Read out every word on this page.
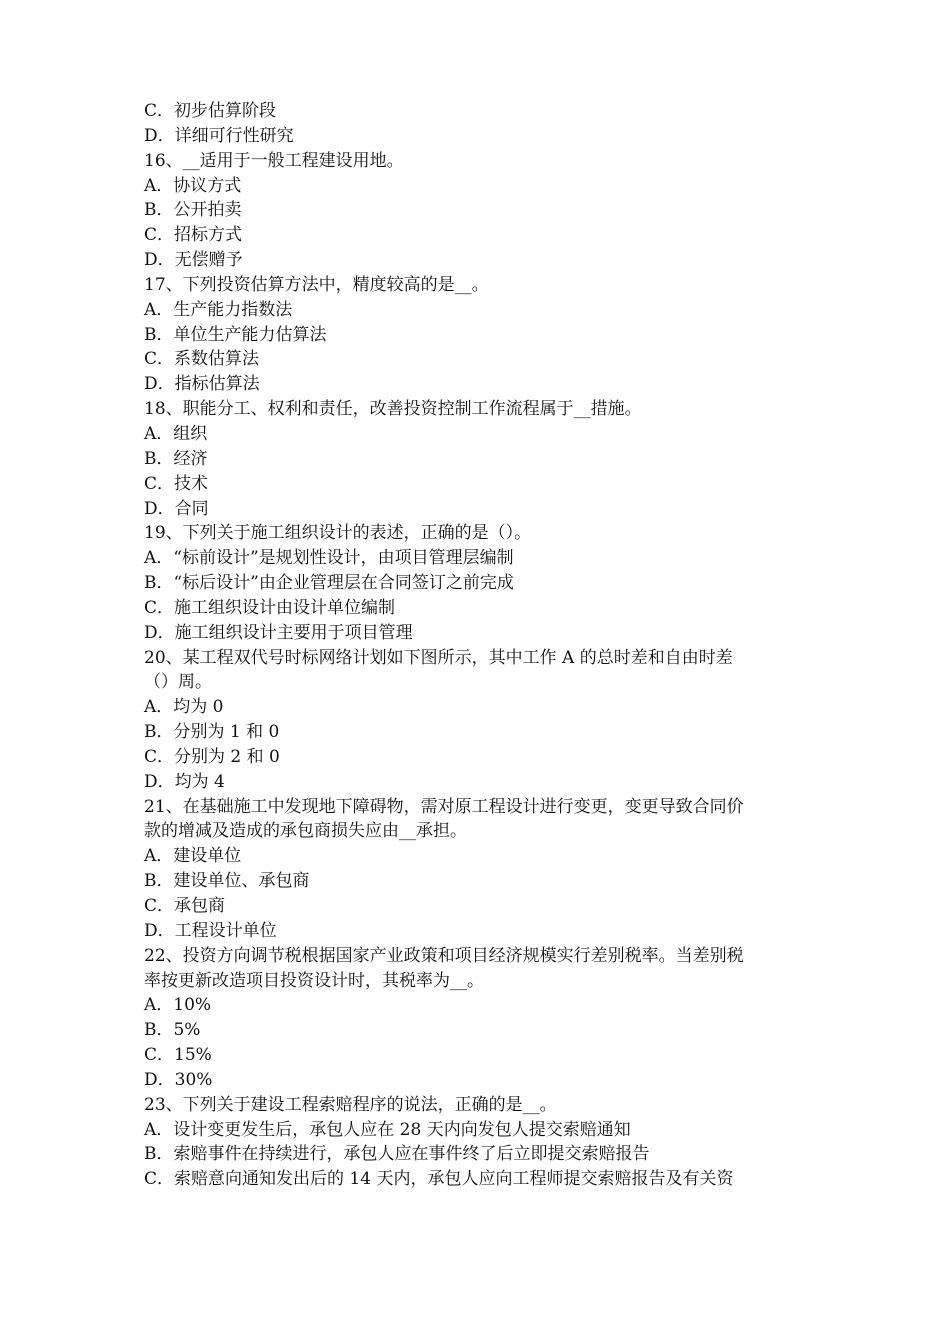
C．初步估算阶段
D．详细可行性研究
16、__适用于一般工程建设用地。
A．协议方式
B．公开拍卖
C．招标方式
D．无偿赠予
17、下列投资估算方法中，精度较高的是__。
A．生产能力指数法
B．单位生产能力估算法
C．系数估算法
D．指标估算法
18、职能分工、权利和责任，改善投资控制工作流程属于__措施。
A．组织
B．经济
C．技术
D．合同
19、下列关于施工组织设计的表述，正确的是（）。
A．“标前设计”是规划性设计，由项目管理层编制
B．“标后设计”由企业管理层在合同签订之前完成
C．施工组织设计由设计单位编制
D．施工组织设计主要用于项目管理
20、某工程双代号时标网络计划如下图所示，其中工作 A 的总时差和自由时差
（）周。
A．均为 0
B．分别为 1 和 0
C．分别为 2 和 0
D．均为 4
21、在基础施工中发现地下障碍物，需对原工程设计进行变更，变更导致合同价
款的增减及造成的承包商损失应由__承担。
A．建设单位
B．建设单位、承包商
C．承包商
D．工程设计单位
22、投资方向调节税根据国家产业政策和项目经济规模实行差别税率。当差别税
率按更新改造项目投资设计时，其税率为__。
A．10%
B．5%
C．15%
D．30%
23、下列关于建设工程索赔程序的说法，正确的是__。
A．设计变更发生后，承包人应在 28 天内向发包人提交索赔通知
B．索赔事件在持续进行，承包人应在事件终了后立即提交索赔报告
C．索赔意向通知发出后的 14 天内，承包人应向工程师提交索赔报告及有关资
